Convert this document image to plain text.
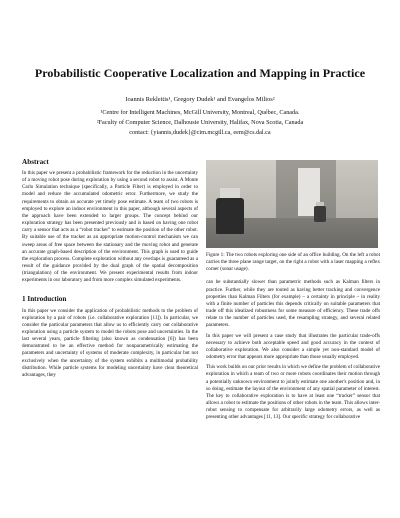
Probabilistic Cooperative Localization and Mapping in Practice
Ioannis Rekleitis¹, Gregory Dudek¹ and Evangelos Milios²
¹Centre for Intelligent Machines, McGill University, Montreal, Québec, Canada.
²Faculty of Computer Science, Dalhousie University, Halifax, Nova Scotia, Canada
contact: {yiannis,dudek}@cim.mcgill.ca, eem@cs.dal.ca
Abstract
In this paper we present a probabilistic framework for the reduction in the uncertainty of a moving robot pose during exploration by using a second robot to assist. A Monte Carlo Simulation technique (specifically, a Particle Filter) is employed in order to model and reduce the accumulated odometric error. Furthermore, we study the requirements to obtain an accurate yet timely pose estimate. A team of two robots is employed to explore an indoor environment in this paper, although several aspects of the approach have been extended to larger groups. The concept behind our exploration strategy has been presented previously and is based on having one robot carry a sensor that acts as a “robot tracker” to estimate the position of the other robot. By suitable use of the tracker as an appropriate motion-control mechanism we can sweep areas of free space between the stationary and the moving robot and generate an accurate graph-based description of the environment. This graph is used to guide the exploration process. Complete exploration without any overlaps is guaranteed as a result of the guidance provided by the dual graph of the spatial decomposition (triangulation) of the environment. We present experimental results from indoor experiments in our laboratory and from more complex simulated experiments.
1 Introduction
In this paper we consider the application of probabilistic methods to the problem of exploration by a pair of robots (i.e. collaborative exploration [11]). In particular, we consider the particular parameters that allow us to efficiently carry out collaborative exploration using a particle system to model the robots pose and uncertainties. In the last several years, particle filtering (also known as condensation [6]) has been demonstrated to be an effective method for nonparametrically estimating the parameters and uncertainty of systems of moderate complexity, in particular but not exclusively when the uncertainty of the system exhibits a multimodal probability distribution. While particle systems for modeling uncertainty have clear theoretical advantages, they
Figure 1: The two robots exploring one side of an office building. On the left a robot carries the three plane range target, on the right a robot with a laser mapping a reflex corner (sonar usage).
can be substantially slower than parametric methods such as Kalman filters in practice. Further, while they are touted as having better tracking and convergence properties than Kalman Filters (for example) – a certainty in principle – in reality with a finite number of particles this depends critically on suitable parameters that trade off this idealized robustness for some measure of efficiency. These trade offs relate to the number of particles used, the resampling strategy, and several related parameters.
In this paper we will present a case study that illustrates the particular trade-offs necessary to achieve both acceptable speed and good accuracy in the context of collaborative exploration. We also consider a simple yet non-standard model of odometry error that appears more appropriate than those usually employed.
This work builds on our prior results in which we define the problem of collaborative exploration in which a team of two or more robots coordinates their motion through a potentially unknown environment to jointly estimate one another's position and, in so doing, estimate the layout of the environment of any spatial parameter of interest. The key to collaborative exploration is to have at least one “tracker” sensor that allows a robot to estimate the positions of other robots in the team. This allows inter-robot sensing to compensate for arbitrarily large odometry errors, as well as presenting other advantages [11, 13]. Our specific strategy for collaborative
